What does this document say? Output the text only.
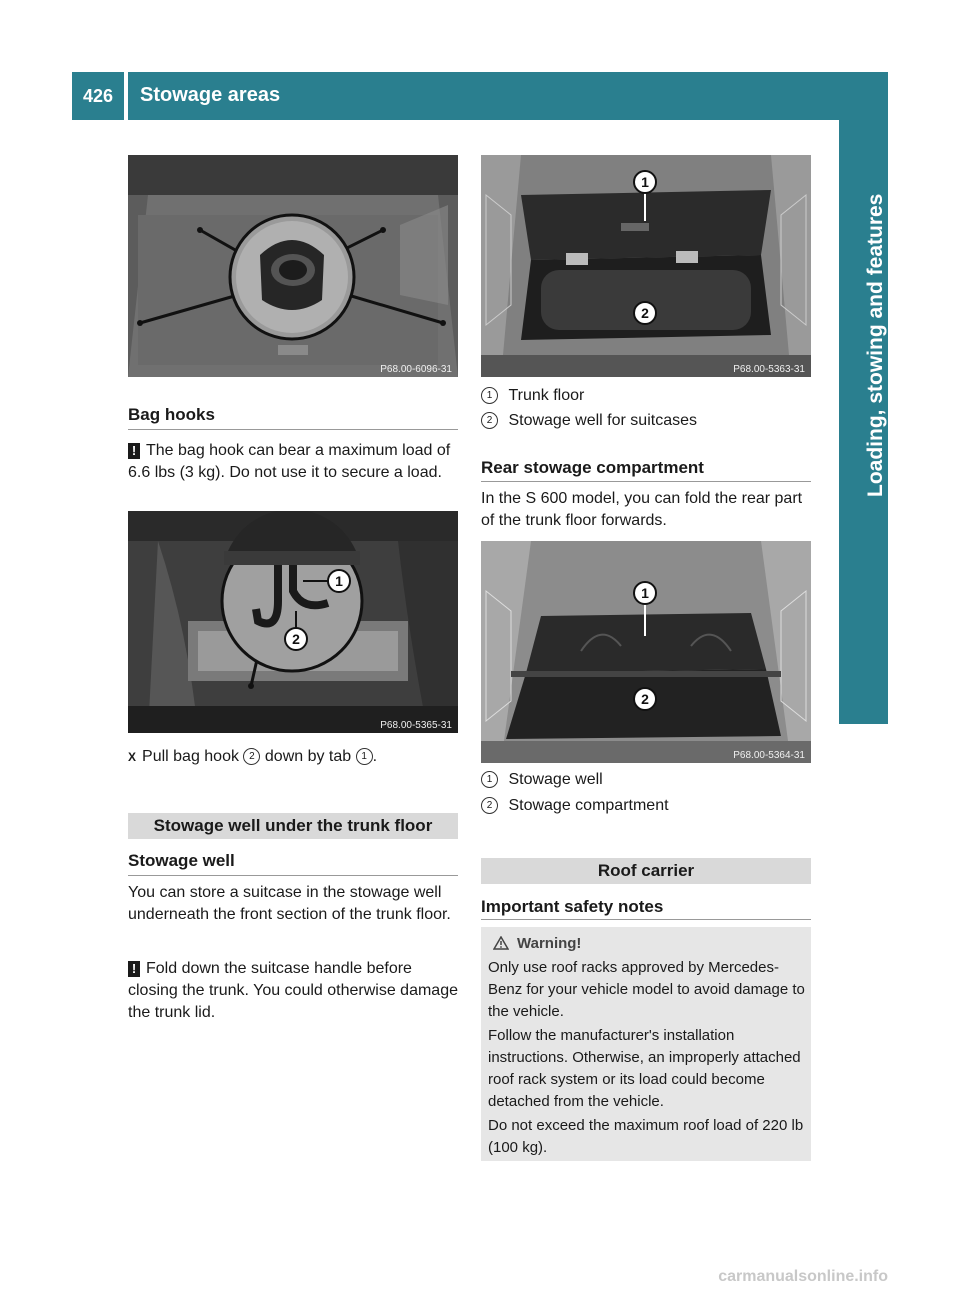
426	Stowage areas
Loading, stowing and features
P68.00-6096-31
Bag hooks
! The bag hook can bear a maximum load of 6.6 lbs (3 kg). Do not use it to secure a load.
1
2
P68.00-5365-31
X Pull bag hook 2 down by tab 1 .
Stowage well under the trunk floor
Stowage well
You can store a suitcase in the stowage well underneath the front section of the trunk floor.
! Fold down the suitcase handle before closing the trunk. You could otherwise damage the trunk lid.
1
2
P68.00-5363-31
1 Trunk floor
2 Stowage well for suitcases
Rear stowage compartment
In the S 600 model, you can fold the rear part of the trunk floor forwards.
1
2
P68.00-5364-31
1 Stowage well
2 Stowage compartment
Roof carrier
Important safety notes
Warning!
Only use roof racks approved by Mercedes-Benz for your vehicle model to avoid damage to the vehicle.
Follow the manufacturer's installation instructions. Otherwise, an improperly attached roof rack system or its load could become detached from the vehicle.
Do not exceed the maximum roof load of 220 lb (100 kg).
carmanualsonline.info
